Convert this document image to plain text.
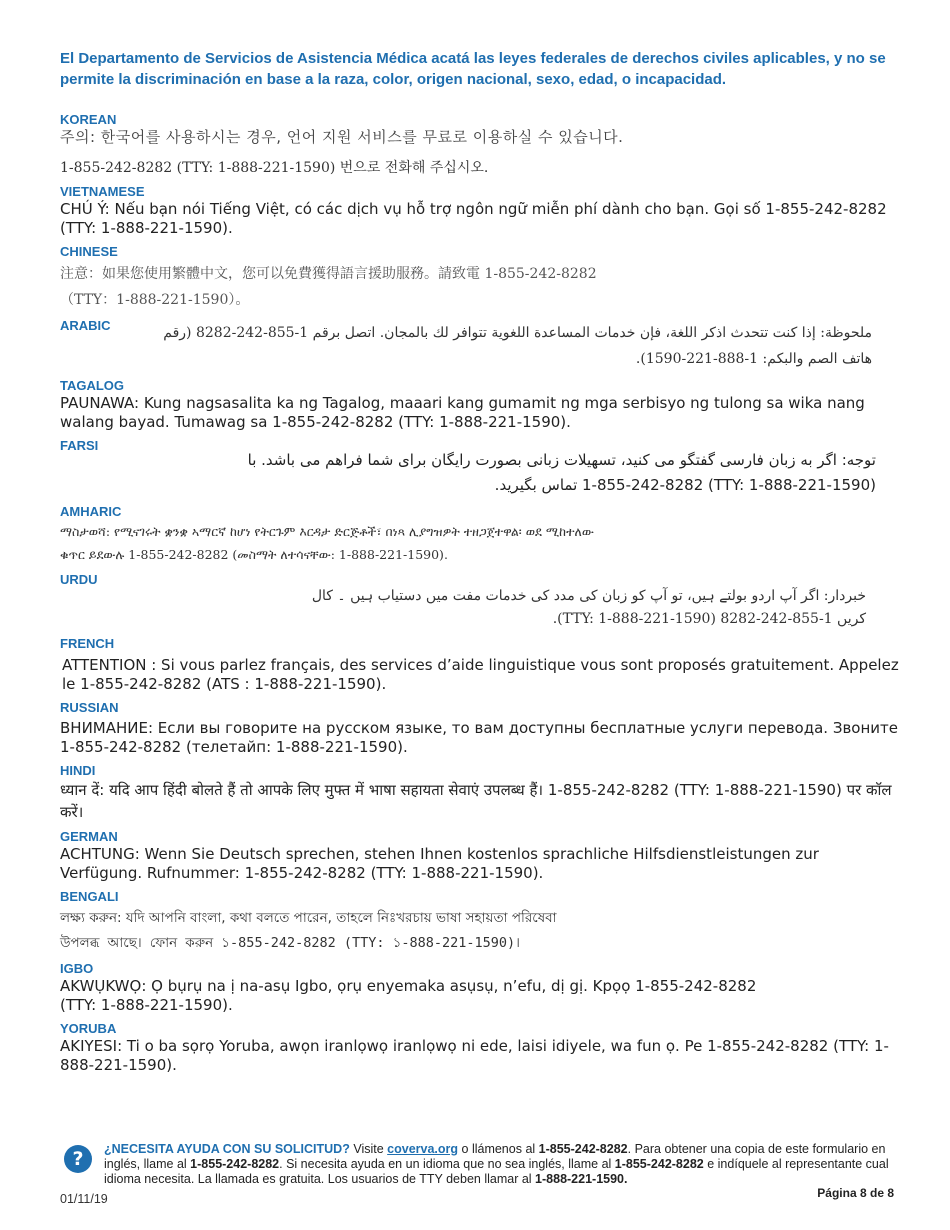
El Departamento de Servicios de Asistencia Médica acatá las leyes federales de derechos civiles aplicables, y no se permite la discriminación en base a la raza, color, origen nacional, sexo, edad, o incapacidad.

KOREAN

주의: 한국어를 사용하시는 경우, 언어 지원 서비스를 무료로 이용하실 수 있습니다.

1-855-242-8282 (TTY: 1-888-221-1590) 번으로 전화해 주십시오.

VIETNAMESE

CHÚ Ý: Nếu bạn nói Tiếng Việt, có các dịch vụ hỗ trợ ngôn ngữ miễn phí dành cho bạn. Gọi số 1-855-242-8282 (TTY: 1-888-221-1590).

CHINESE

注意：如果您使用繁體中文，您可以免費獲得語言援助服務。請致電 1-855-242-8282

（TTY：1-888-221-1590）。

ARABIC	ملحوظة: إذا كنت تتحدث اذكر اللغة، فإن خدمات المساعدة اللغوية تتوافر لك بالمجان. اتصل برقم 1-855-242-8282 (رقم

هاتف الصم والبكم: 1-888-221-1590).

TAGALOG

PAUNAWA: Kung nagsasalita ka ng Tagalog, maaari kang gumamit ng mga serbisyo ng tulong sa wika nang walang bayad. Tumawag sa 1-855-242-8282 (TTY: 1-888-221-1590).

FARSI

توجه: اگر به زبان فارسی گفتگو می کنید، تسهیلات زبانی بصورت رایگان برای شما فراهم می باشد. با

(TTY: 1-888-221-1590) 1-855-242-8282 تماس بگیرید.

AMHARIC

ማስታወሻ: የሚናገሩት ቋንቋ ኣማርኛ ከሆነ የትርጉም እርዳታ ድርጅቶች፣ በነጻ ሊያግዝዎት ተዘጋጀተዋል፡ ወደ ሚከተለው

ቁጥር ይደውሉ 1-855-242-8282 (መስማት ለተሳናቸው: 1-888-221-1590).

URDU

خبردار: اگر آپ اردو بولتے ہیں، تو آپ کو زبان کی مدد کی خدمات مفت میں دستیاب ہیں ۔ کال

کریں 1-855-242-8282 (TTY: 1-888-221-1590).

FRENCH

ATTENTION : Si vous parlez français, des services d’aide linguistique vous sont proposés gratuitement. Appelez le 1-855-242-8282 (ATS : 1-888-221-1590).

RUSSIAN

ВНИМАНИЕ: Если вы говорите на русском языке, то вам доступны бесплатные услуги перевода. Звоните 1-855-242-8282 (телетайп: 1-888-221-1590).

HINDI

ध्यान दें: यदि आप हिंदी बोलते हैं तो आपके लिए मुफ्त में भाषा सहायता सेवाएं उपलब्ध हैं। 1-855-242-8282 (TTY: 1-888-221-1590) पर कॉल करें।

GERMAN

ACHTUNG: Wenn Sie Deutsch sprechen, stehen Ihnen kostenlos sprachliche Hilfsdienstleistungen zur Verfügung. Rufnummer: 1-855-242-8282 (TTY: 1-888-221-1590).

BENGALI

লক্ষ্য করুন: যদি আপনি বাংলা, কথা বলতে পারেন, তাহলে নিঃখরচায় ভাষা সহায়তা পরিষেবা

উপলব্ধ আছে। ফোন করুন ১-855-242-8282 (TTY: ১-888-221-1590)।

IGBO

AKWỤKWỌ: Ọ bụrụ na ị na-asụ Igbo, ọrụ enyemaka asụsụ, n’efu, dị gị. Kpọọ 1-855-242-8282 (TTY: 1-888-221-1590).

YORUBA

AKIYESI: Ti o ba sọrọ Yoruba, awọn iranlọwọ iranlọwọ ni ede, laisi idiyele, wa fun ọ. Pe 1-855-242-8282 (TTY: 1-888-221-1590).

?	¿NECESITA AYUDA CON SU SOLICITUD? Visite coverva.org o llámenos al 1-855-242-8282. Para obtener una copia de este formulario en inglés, llame al 1-855-242-8282. Si necesita ayuda en un idioma que no sea inglés, llame al 1-855-242-8282 e indíquele al representante cual idioma necesita. La llamada es gratuita. Los usuarios de TTY deben llamar al 1-888-221-1590.
01/11/19	Página 8 de 8
